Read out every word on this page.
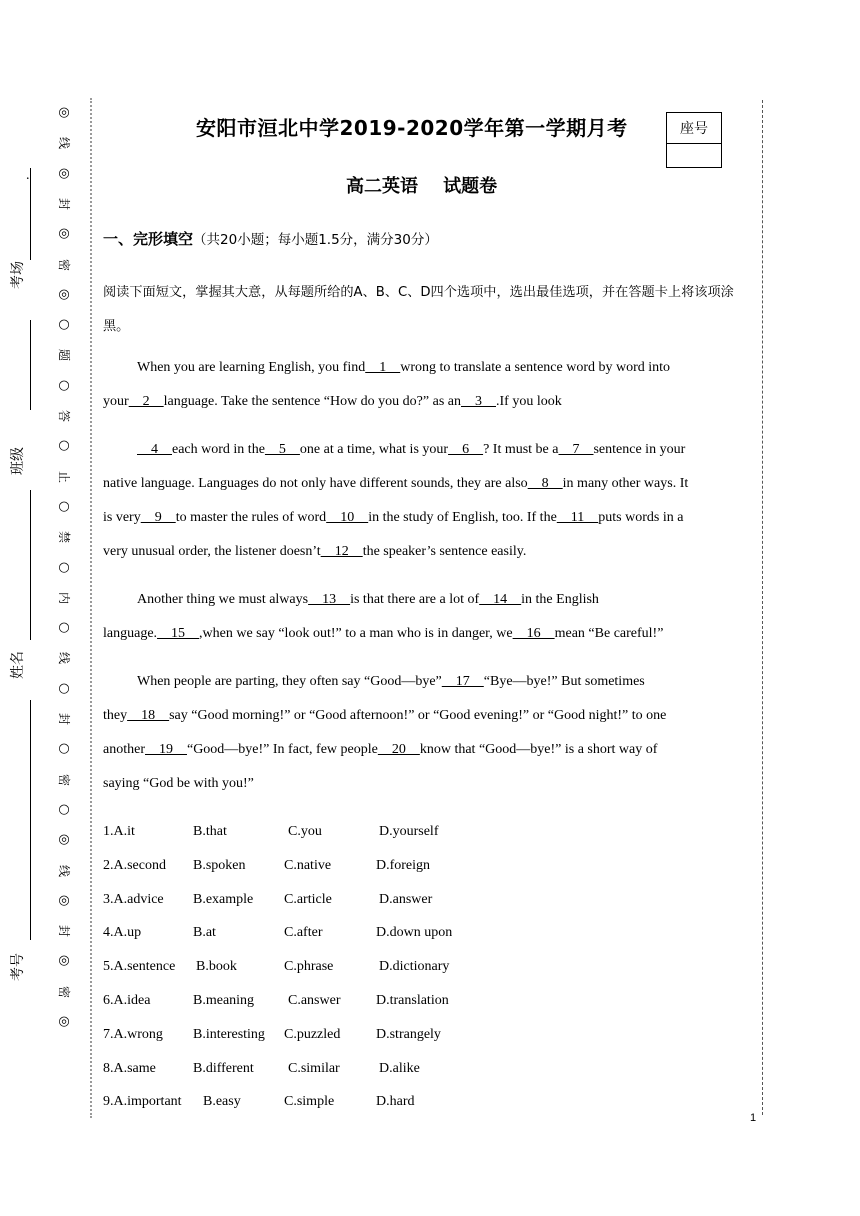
◎
线
◎
封
◎
密
◎
○
题
○
答
○
止
○
禁
○
内
○
线
○
封
○
密
○
◎
线
◎
封
◎
密
◎
考场
.
班级
姓名
考号
安阳市洹北中学2019-2020学年第一学期月考	座号
高二英语    试题卷
一、完形填空（共20小题；每小题1.5分，满分30分）
阅读下面短文，掌握其大意，从每题所给的A、B、C、D四个选项中，选出最佳选项，并在答题卡上将该项涂黑。
When you are learning English, you find    1    wrong to translate a sentence word by word into
your    2    language. Take the sentence “How do you do?” as an    3    .If you look
4    each word in the    5    one at a time, what is your    6    ? It must be a    7    sentence in your
native language. Languages do not only have different sounds, they are also    8    in many other ways. It
is very    9    to master the rules of word    10    in the study of English, too. If the    11    puts words in a
very unusual order, the listener doesn’t    12    the speaker’s sentence easily.
Another thing we must always    13    is that there are a lot of    14    in the English
language.    15    ,when we say “look out!” to a man who is in danger, we    16    mean “Be careful!”
When people are parting, they often say “Good—bye”    17    “Bye—bye!” But sometimes
they    18    say “Good morning!” or “Good afternoon!” or “Good evening!” or “Good night!” to one
another    19    “Good—bye!” In fact, few people    20    know that “Good—bye!” is a short way of
saying “God be with you!”
1.A.it	B.that	C.you	D.yourself
2.A.second B.spoken	C.native	D.foreign
3.A.advice B.example C.article	D.answer
4.A.up	B.at	C.after	D.down upon
5.A.sentence B.book	C.phrase	D.dictionary
6.A.idea	B.meaning C.answer	D.translation
7.A.wrong B.interesting C.puzzled	D.strangely
8.A.same	B.different C.similar	D.alike
9.A.important B.easy	C.simple	D.hard
1
